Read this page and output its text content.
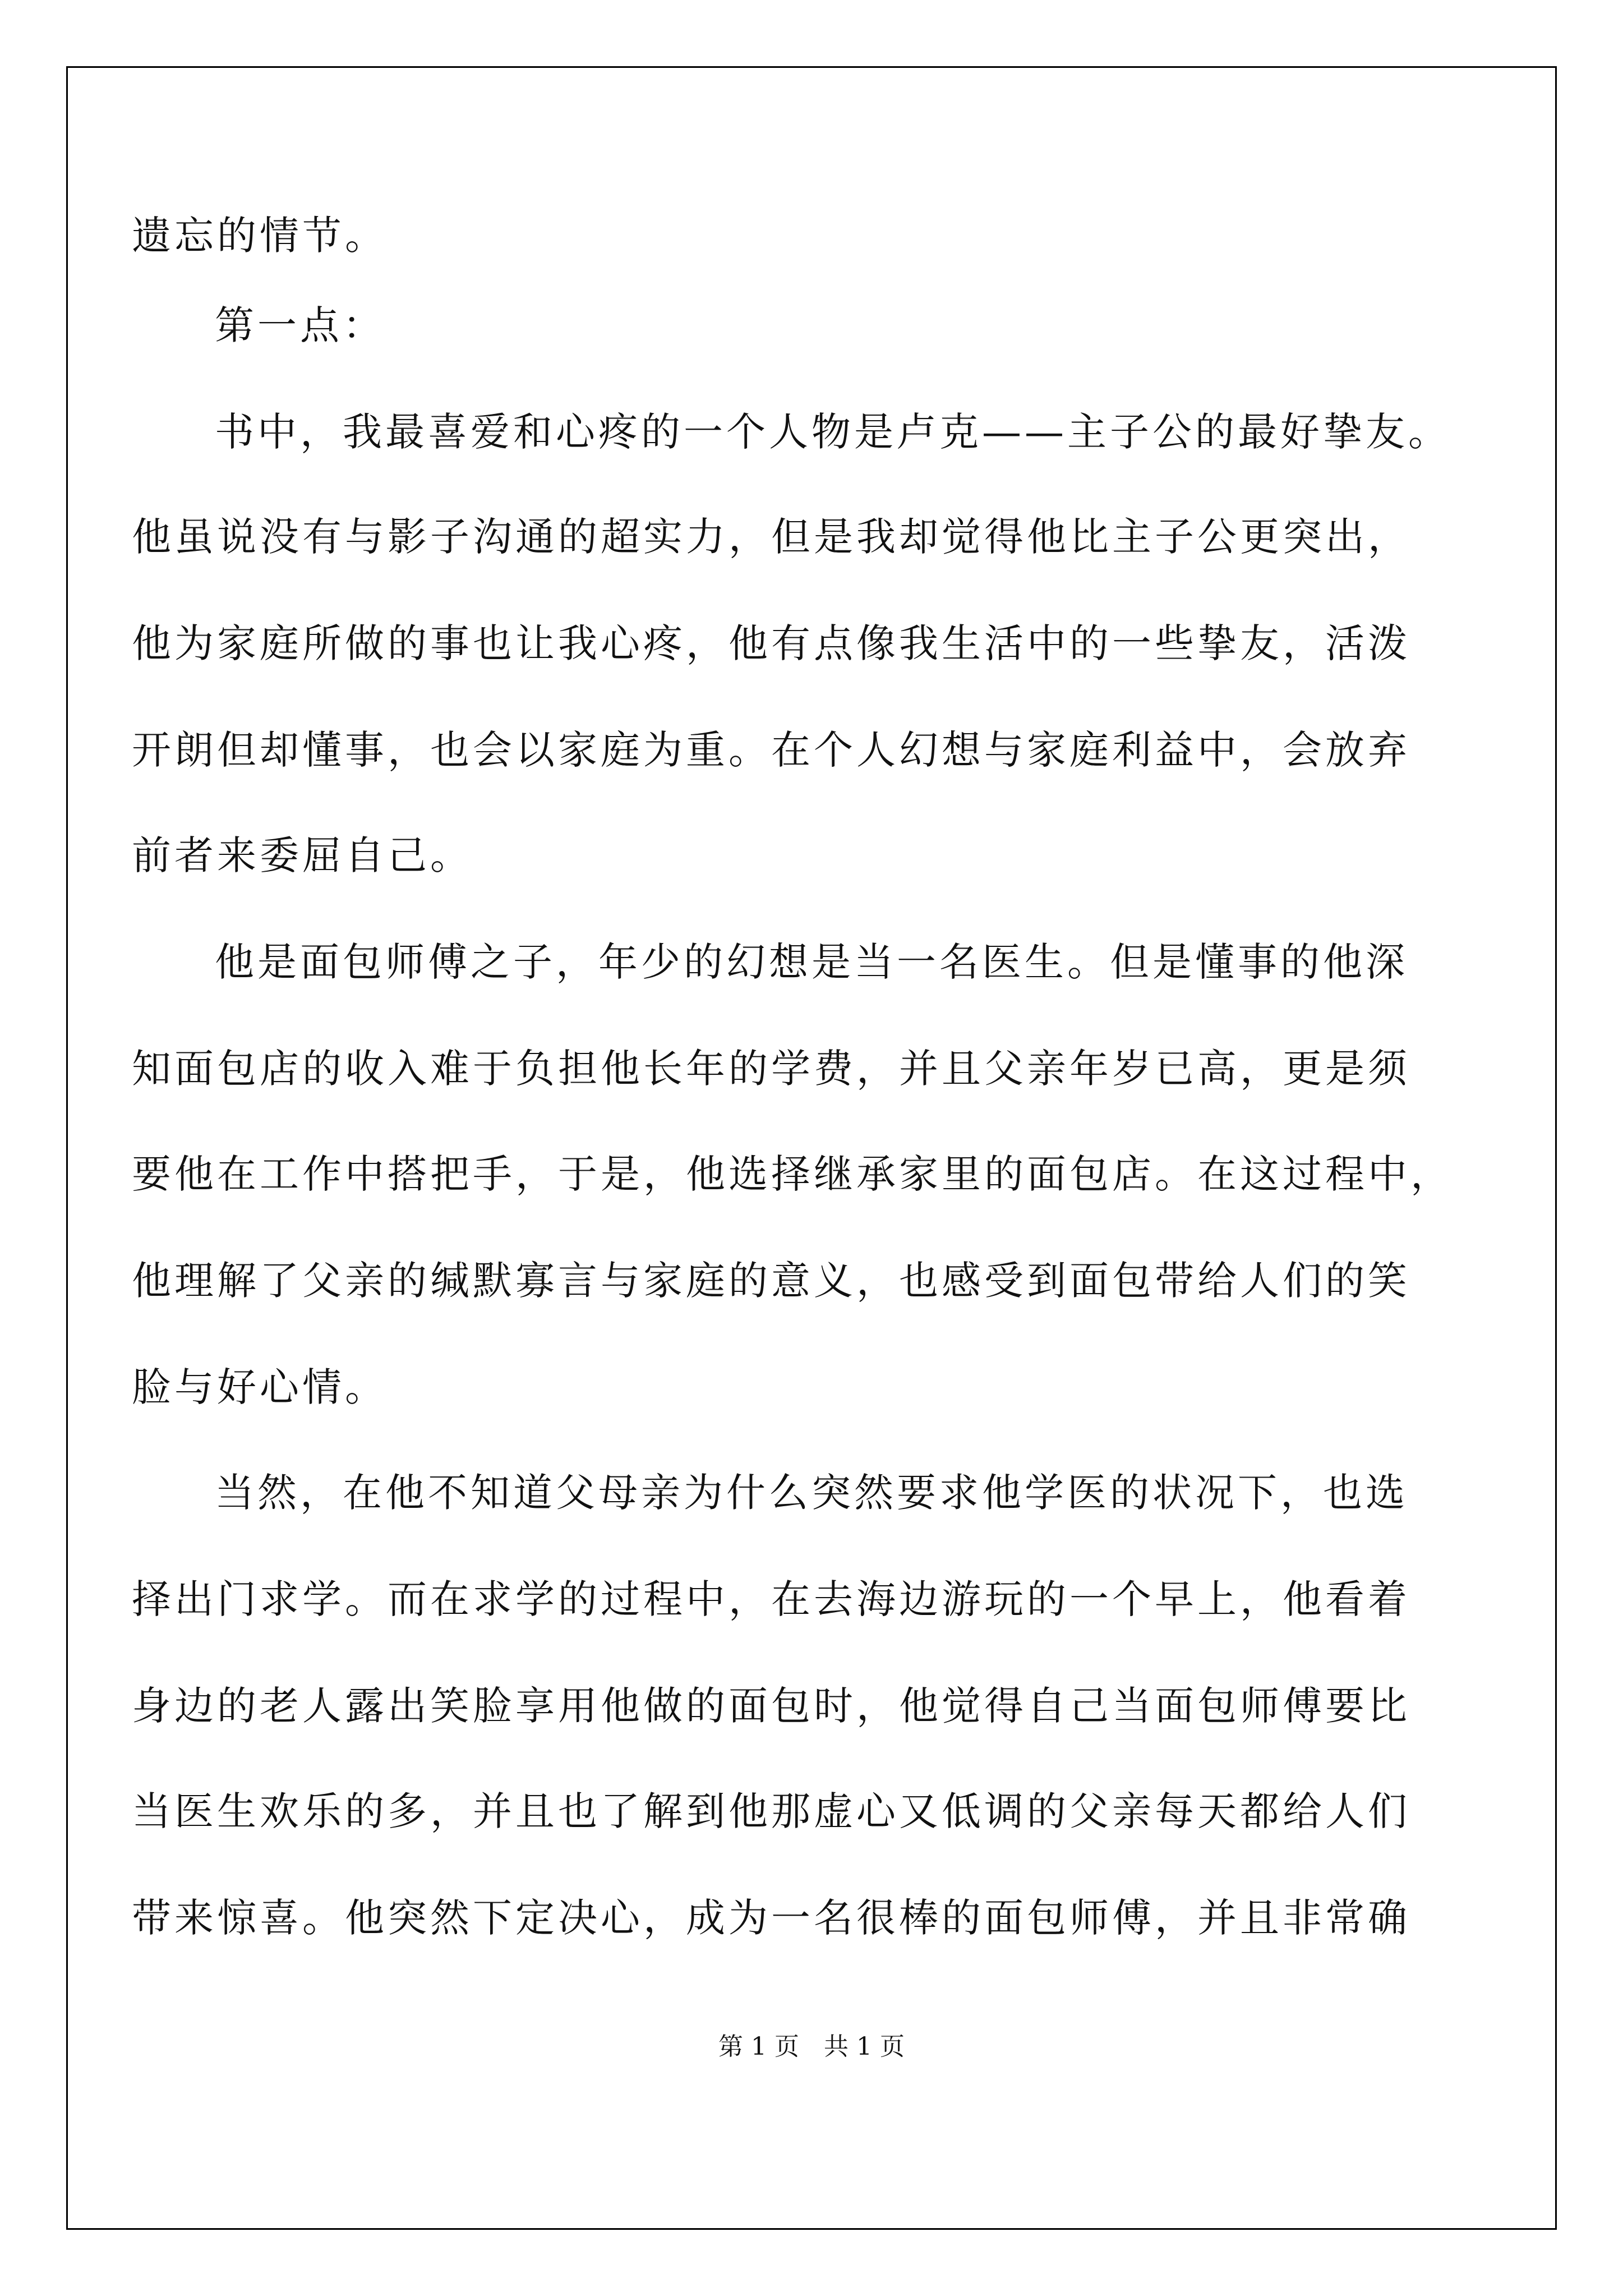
遗忘的情节。
第一点：
书中，我最喜爱和心疼的一个人物是卢克——主子公的最好挚友。
他虽说没有与影子沟通的超实力，但是我却觉得他比主子公更突出，
他为家庭所做的事也让我心疼，他有点像我生活中的一些挚友，活泼
开朗但却懂事，也会以家庭为重。在个人幻想与家庭利益中，会放弃
前者来委屈自己。
他是面包师傅之子，年少的幻想是当一名医生。但是懂事的他深
知面包店的收入难于负担他长年的学费，并且父亲年岁已高，更是须
要他在工作中搭把手，于是，他选择继承家里的面包店。在这过程中，
他理解了父亲的缄默寡言与家庭的意义，也感受到面包带给人们的笑
脸与好心情。
当然，在他不知道父母亲为什么突然要求他学医的状况下，也选
择出门求学。而在求学的过程中，在去海边游玩的一个早上，他看着
身边的老人露出笑脸享用他做的面包时，他觉得自己当面包师傅要比
当医生欢乐的多，并且也了解到他那虚心又低调的父亲每天都给人们
带来惊喜。他突然下定决心，成为一名很棒的面包师傅，并且非常确
第 1 页　共 1 页
